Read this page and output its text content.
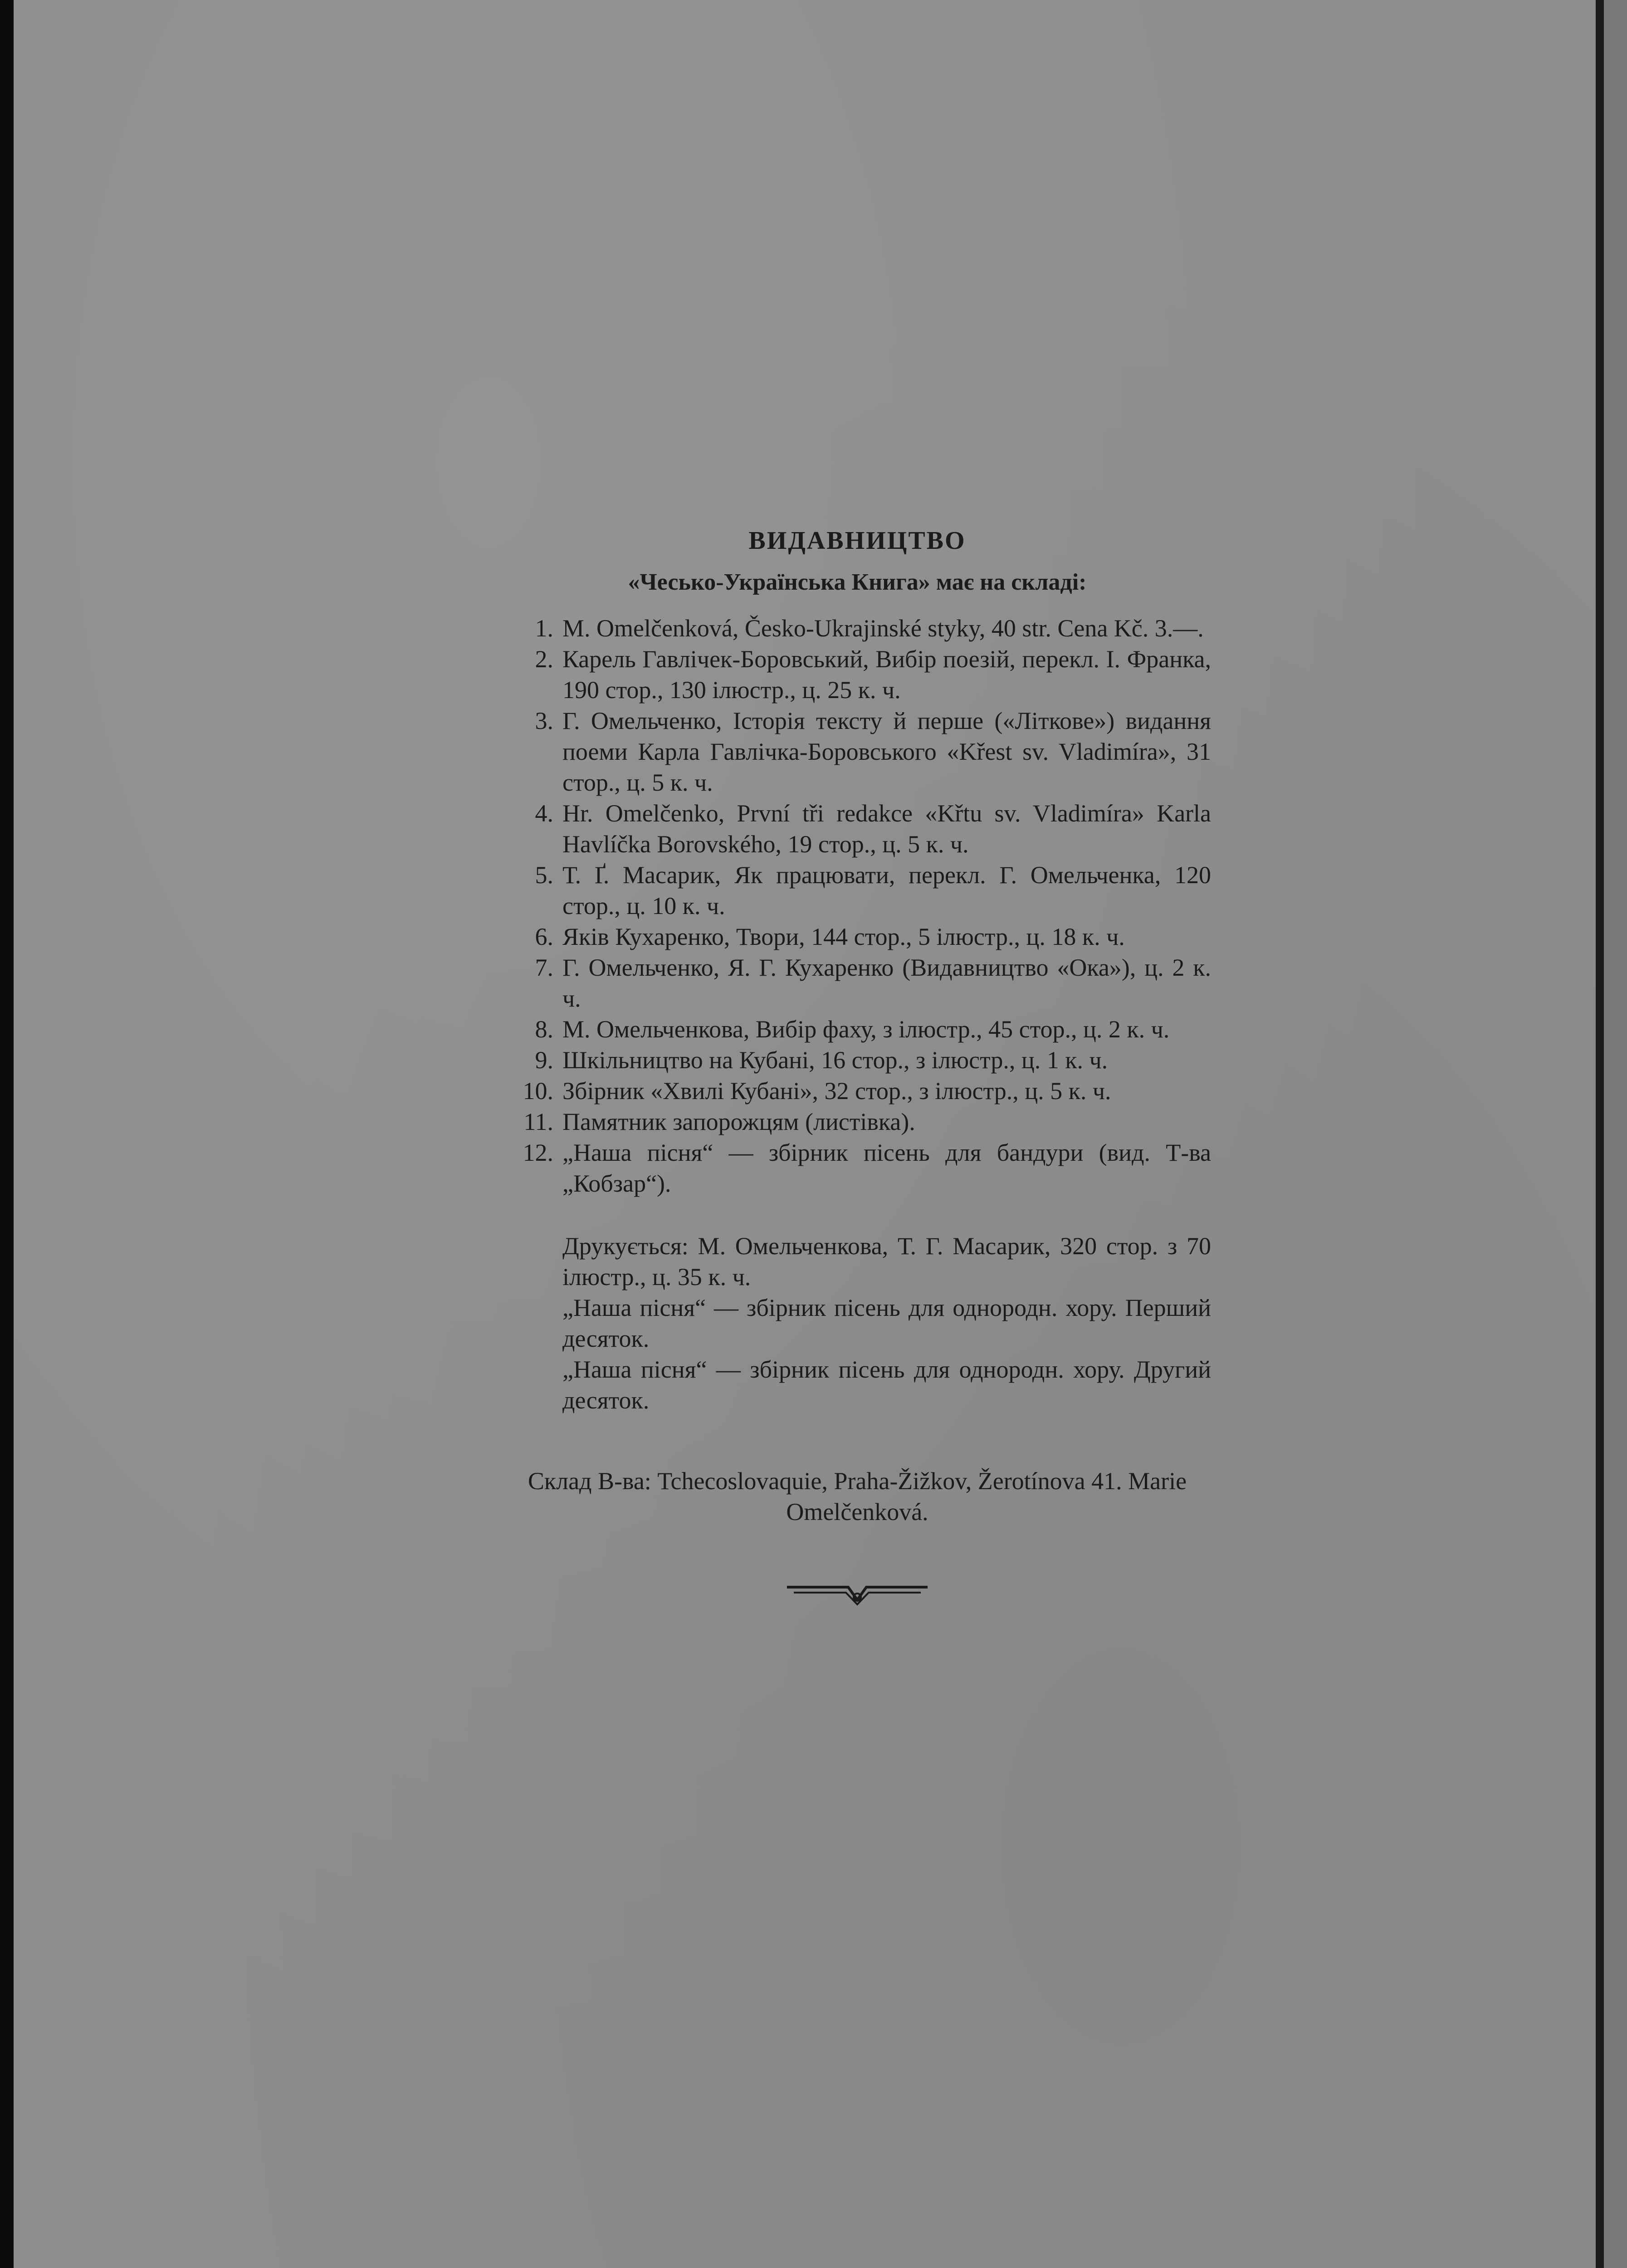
ВИДАВНИЦТВО
«Чесько-Українська Книга» має на складі:
1. M. Omelčenková, Česko-Ukrajinské styky, 40 str. Cena Kč. 3.—.
2. Карель Гавлічек-Боровський, Вибір поезій, перекл. І. Франка, 190 стор., 130 ілюстр., ц. 25 к. ч.
3. Г. Омельченко, Історія тексту й перше («Літкове») видання поеми Карла Гавлічка-Боровського «Křest sv. Vladimíra», 31 стор., ц. 5 к. ч.
4. Hr. Omelčenko, První tři redakce «Křtu sv. Vladimíra» Karla Havlíčka Borovského, 19 стор., ц. 5 к. ч.
5. Т. Ґ. Масарик, Як працювати, перекл. Г. Омельченка, 120 стор., ц. 10 к. ч.
6. Яків Кухаренко, Твори, 144 стор., 5 ілюстр., ц. 18 к. ч.
7. Г. Омельченко, Я. Г. Кухаренко (Видавництво «Ока»), ц. 2 к. ч.
8. М. Омельченкова, Вибір фаху, з ілюстр., 45 стор., ц. 2 к. ч.
9. Шкільництво на Кубані, 16 стор., з ілюстр., ц. 1 к. ч.
10. Збірник «Хвилі Кубані», 32 стор., з ілюстр., ц. 5 к. ч.
11. Памятник запорожцям (листівка).
12. „Наша пісня“ — збірник пісень для бандури (вид. Т-ва „Кобзар“).

Друкується: М. Омельченкова, Т. Г. Масарик, 320 стор. з 70 ілюстр., ц. 35 к. ч.

„Наша пісня“ — збірник пісень для однородн. хору. Перший десяток.

„Наша пісня“ — збірник пісень для однородн. хору. Другий десяток.

Склад В-ва: Tchecoslovaquie, Praha-Žižkov, Žerotínova 41. Marie Omelčenková.
